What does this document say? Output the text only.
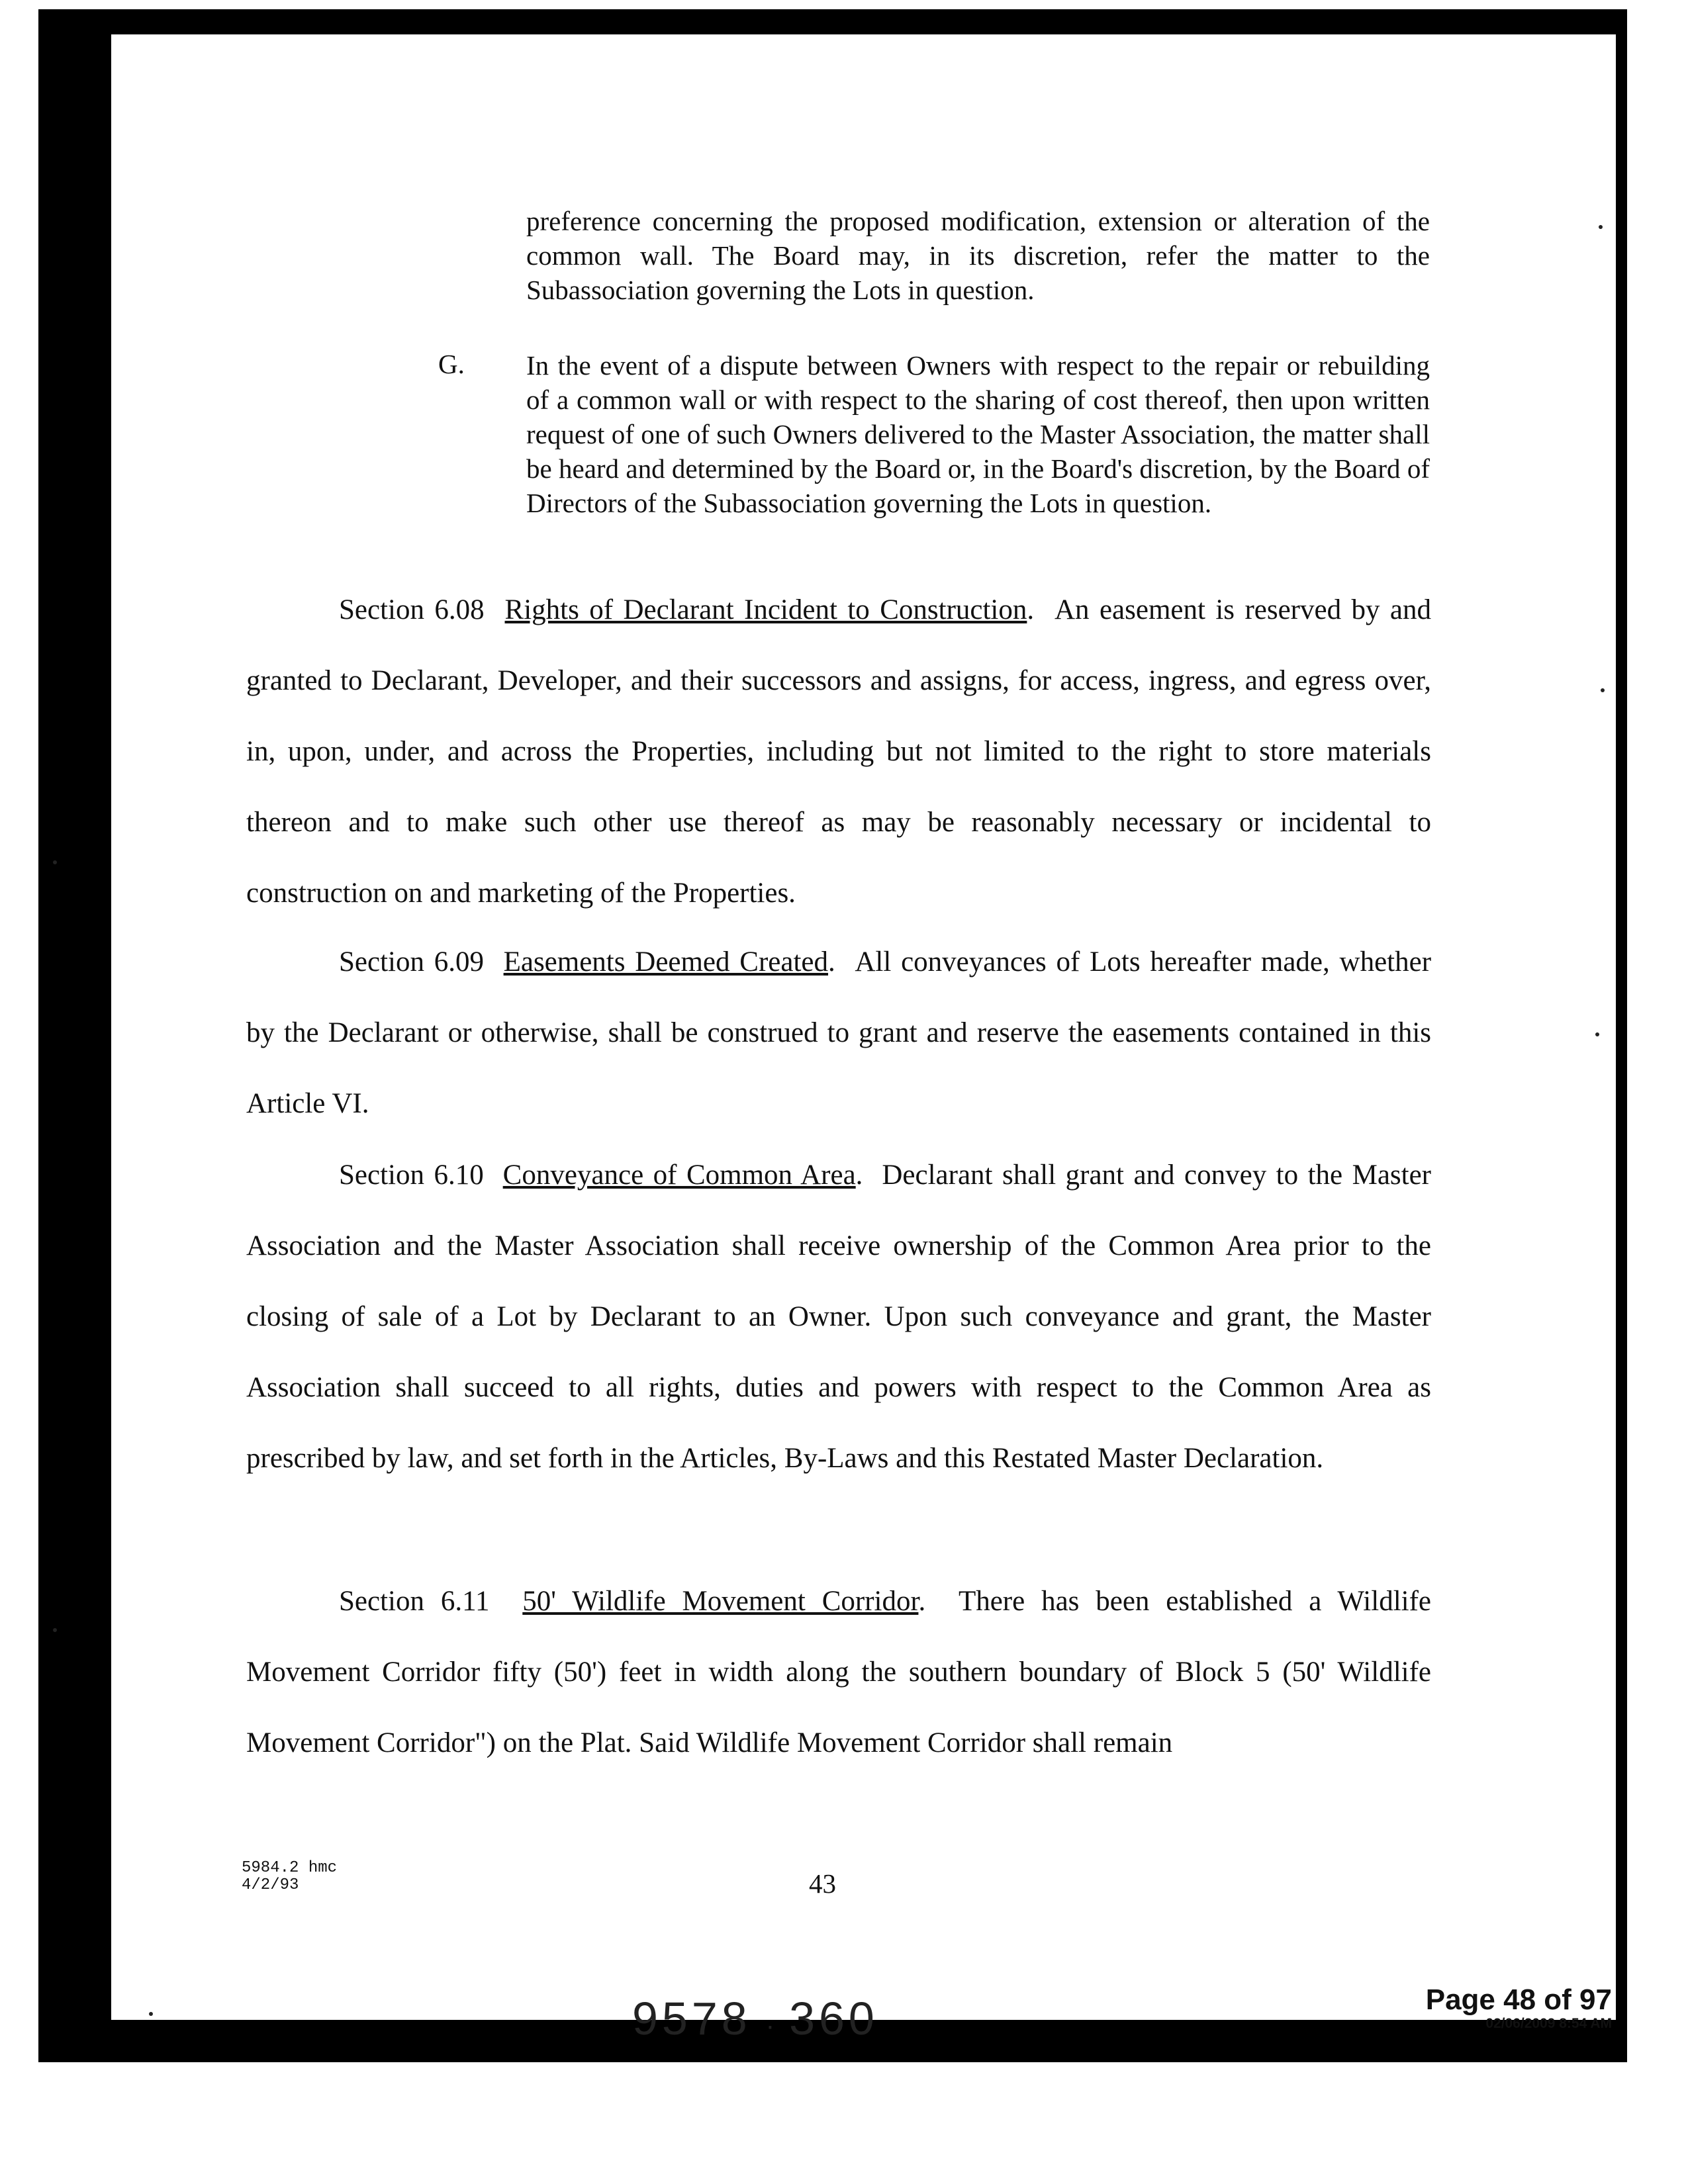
preference concerning the proposed modification, extension or alteration of the common wall. The Board may, in its discretion, refer the matter to the Subassociation governing the Lots in question.
G. In the event of a dispute between Owners with respect to the repair or rebuilding of a common wall or with respect to the sharing of cost thereof, then upon written request of one of such Owners delivered to the Master Association, the matter shall be heard and determined by the Board or, in the Board's discretion, by the Board of Directors of the Subassociation governing the Lots in question.
Section 6.08 Rights of Declarant Incident to Construction.  An easement is reserved by and granted to Declarant, Developer, and their successors and assigns, for access, ingress, and egress over, in, upon, under, and across the Properties, including but not limited to the right to store materials thereon and to make such other use thereof as may be reasonably necessary or incidental to construction on and marketing of the Properties.
Section 6.09 Easements Deemed Created.  All conveyances of Lots hereafter made, whether by the Declarant or otherwise, shall be construed to grant and reserve the easements contained in this Article VI.
Section 6.10 Conveyance of Common Area.  Declarant shall grant and convey to the Master Association and the Master Association shall receive ownership of the Common Area prior to the closing of sale of a Lot by Declarant to an Owner. Upon such conveyance and grant, the Master Association shall succeed to all rights, duties and powers with respect to the Common Area as prescribed by law, and set forth in the Articles, By-Laws and this Restated Master Declaration.
Section 6.11 50' Wildlife Movement Corridor.  There has been established a Wildlife Movement Corridor fifty (50') feet in width along the southern boundary of Block 5 (50' Wildlife Movement Corridor") on the Plat. Said Wildlife Movement Corridor shall remain
5984.2 hmc
4/2/93	43
9578 · 360	Page 48 of 97
02/06/2009 8:54 AM
